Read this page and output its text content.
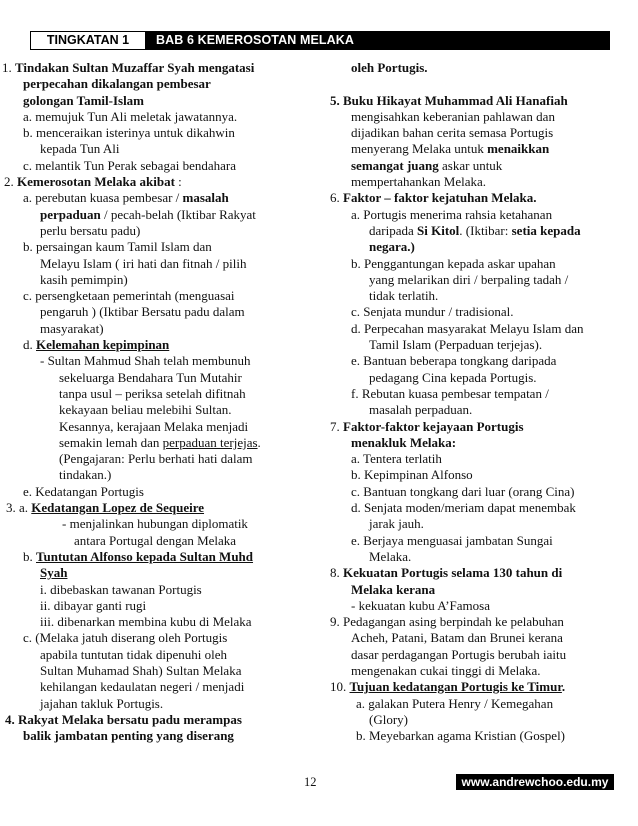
TINGKATAN 1	BAB 6 KEMEROSOTAN MELAKA
1. Tindakan Sultan Muzaffar Syah mengatasi
perpecahan dikalangan pembesar
golongan Tamil-Islam
a. memujuk Tun Ali meletak jawatannya.
b. menceraikan isterinya untuk dikahwin
kepada Tun Ali
c. melantik Tun Perak sebagai bendahara
2. Kemerosotan Melaka akibat :
a. perebutan kuasa pembesar / masalah
perpaduan / pecah-belah (Iktibar Rakyat
perlu bersatu padu)
b. persaingan kaum Tamil Islam dan
Melayu Islam ( iri hati dan fitnah / pilih
kasih pemimpin)
c. persengketaan pemerintah (menguasai
pengaruh ) (Iktibar Bersatu padu dalam
masyarakat)
d. Kelemahan kepimpinan
- Sultan Mahmud Shah telah membunuh
sekeluarga Bendahara Tun Mutahir
tanpa usul – periksa setelah difitnah
kekayaan beliau melebihi Sultan.
Kesannya, kerajaan Melaka menjadi
semakin lemah dan perpaduan terjejas.
(Pengajaran: Perlu berhati hati dalam
tindakan.)
e. Kedatangan Portugis
3. a. Kedatangan Lopez de Sequeire
- menjalinkan hubungan diplomatik
antara Portugal dengan Melaka
b. Tuntutan Alfonso kepada Sultan Muhd
Syah
i. dibebaskan tawanan Portugis
ii. dibayar ganti rugi
iii. dibenarkan membina kubu di Melaka
c. (Melaka jatuh diserang oleh Portugis
apabila tuntutan tidak dipenuhi oleh
Sultan Muhamad Shah) Sultan Melaka
kehilangan kedaulatan negeri / menjadi
jajahan takluk Portugis.
4. Rakyat Melaka bersatu padu merampas
balik jambatan penting yang diserang
oleh Portugis.
5. Buku Hikayat Muhammad Ali Hanafiah
mengisahkan keberanian pahlawan dan
dijadikan bahan cerita semasa Portugis
menyerang Melaka untuk menaikkan
semangat juang askar untuk
mempertahankan Melaka.
6. Faktor – faktor kejatuhan Melaka.
a. Portugis menerima rahsia ketahanan
daripada Si Kitol. (Iktibar: setia kepada
negara.)
b. Penggantungan kepada askar upahan
yang melarikan diri / berpaling tadah /
tidak terlatih.
c. Senjata mundur / tradisional.
d. Perpecahan masyarakat Melayu Islam dan
Tamil Islam (Perpaduan terjejas).
e. Bantuan beberapa tongkang daripada
pedagang Cina kepada Portugis.
f. Rebutan kuasa pembesar tempatan /
masalah perpaduan.
7. Faktor-faktor kejayaan Portugis
menakluk Melaka:
a. Tentera terlatih
b. Kepimpinan Alfonso
c. Bantuan tongkang dari luar (orang Cina)
d. Senjata moden/meriam dapat menembak
jarak jauh.
e. Berjaya menguasai jambatan Sungai
Melaka.
8. Kekuatan Portugis selama 130 tahun di
Melaka kerana
- kekuatan kubu A’Famosa
9. Pedagangan asing berpindah ke pelabuhan
Acheh, Patani, Batam dan Brunei kerana
dasar perdagangan Portugis berubah iaitu
mengenakan cukai tinggi di Melaka.
10. Tujuan kedatangan Portugis ke Timur.
a. galakan Putera Henry / Kemegahan
(Glory)
b. Meyebarkan agama Kristian (Gospel)
12	www.andrewchoo.edu.my
